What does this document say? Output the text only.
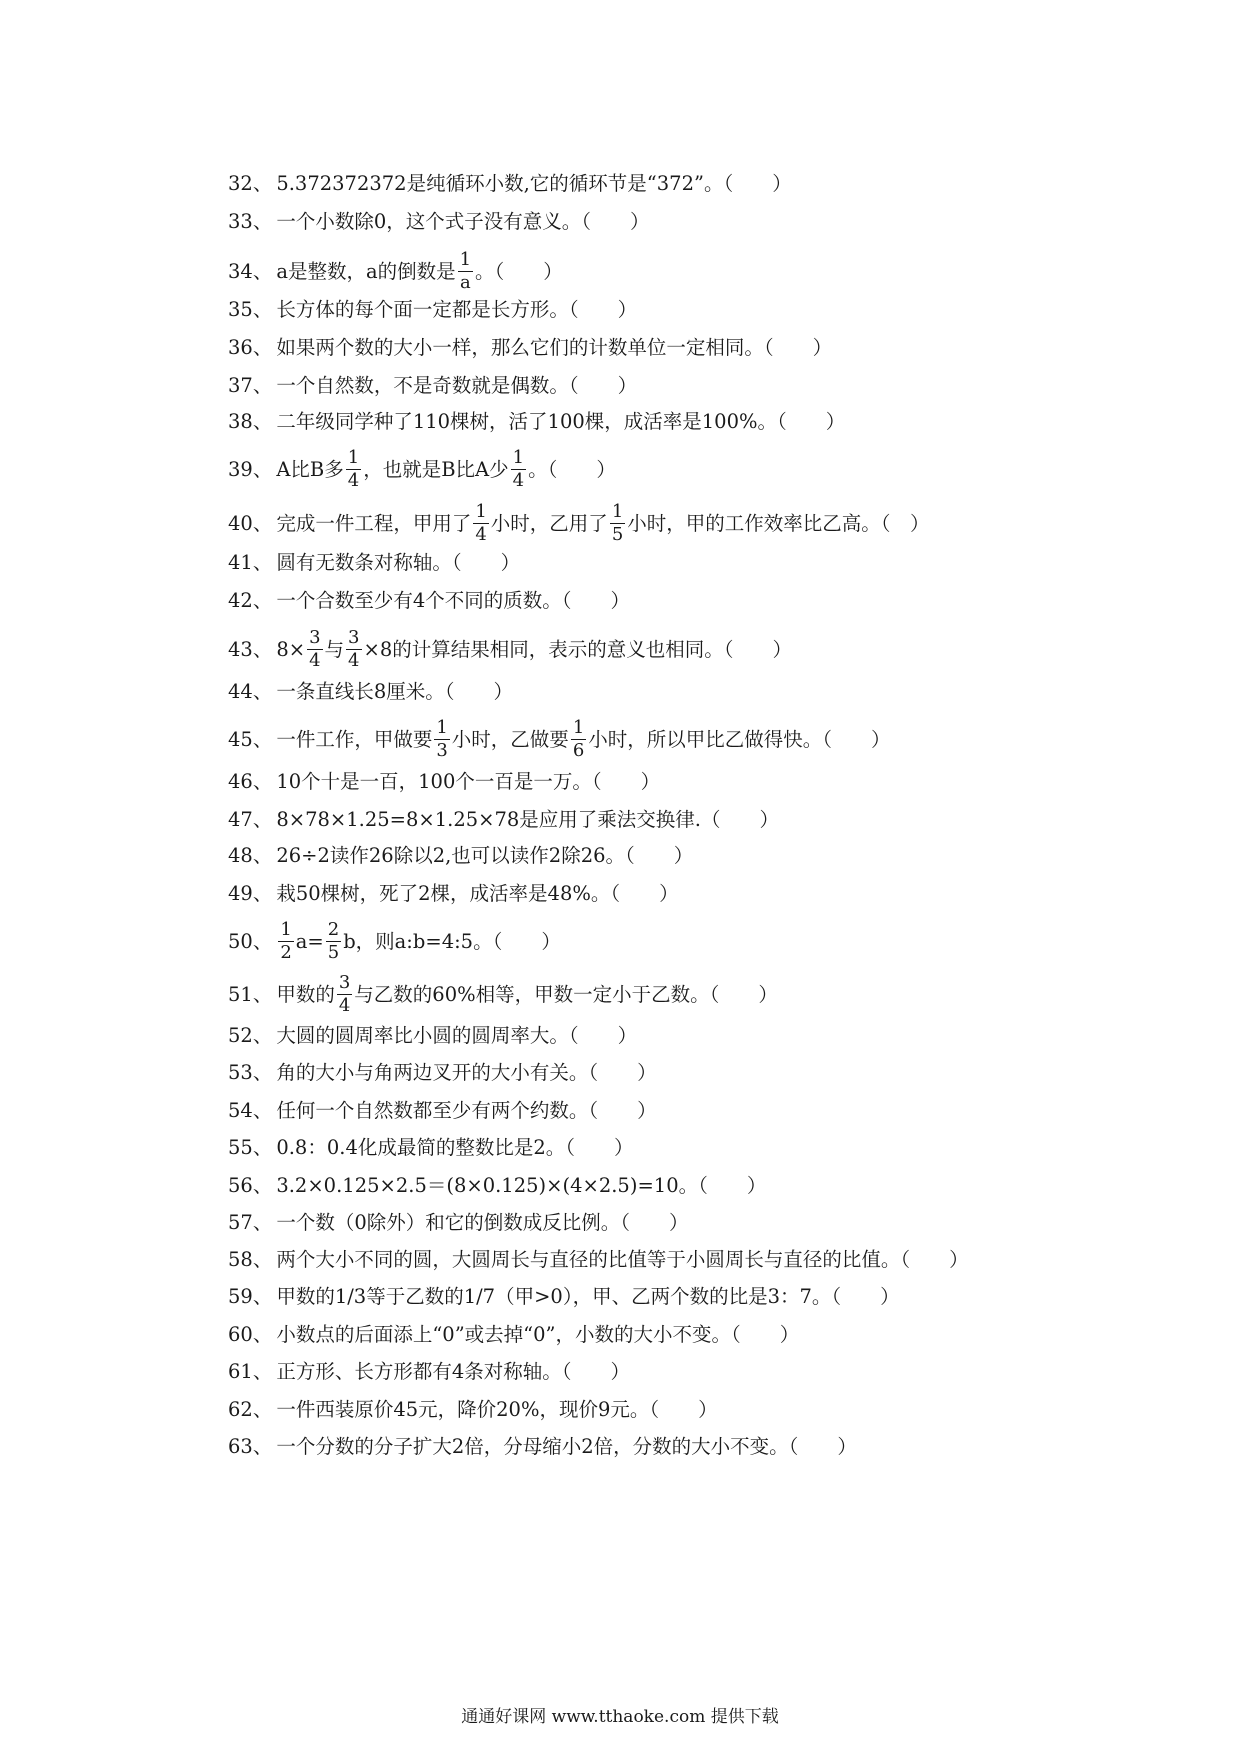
32、 5.372372372是纯循环小数,它的循环节是“372”。（　　）
33、 一个小数除0，这个式子没有意义。（　　）
34、 a是整数，a的倒数是 $\frac{1}{a}$ 。（　　）
35、 长方体的每个面一定都是长方形。（　　）
36、 如果两个数的大小一样，那么它们的计数单位一定相同。（　　）
37、 一个自然数，不是奇数就是偶数。（　　）
38、 二年级同学种了110棵树，活了100棵，成活率是100%。（　　）
39、 A比B多 $\frac{1}{4}$ ，也就是B比A少 $\frac{1}{4}$ 。（　　）
40、 完成一件工程，甲用了 $\frac{1}{4}$ 小时，乙用了 $\frac{1}{5}$ 小时，甲的工作效率比乙高。（　）
41、 圆有无数条对称轴。（　　）
42、 一个合数至少有4个不同的质数。（　　）
43、 $8\times \frac{3}{4}$ 与 $\frac{3}{4} \times 8$的计算结果相同，表示的意义也相同。（　　）
44、 一条直线长8厘米。（　　）
45、 一件工作，甲做要 $\frac{1}{3}$ 小时，乙做要 $\frac{1}{6}$ 小时，所以甲比乙做得快。（　　）
46、 10个十是一百，100个一百是一万。（　　）
47、 8×78×1.25=8×1.25×78是应用了乘法交换律.（　　）
48、 26÷2读作26除以2,也可以读作2除26。（　　）
49、 栽50棵树，死了2棵，成活率是48%。（　　）
50、 $\frac{1}{2} a= \frac{2}{5}$ b，则a:b=4:5。（　　）
51、 甲数的 $\frac{3}{4}$ 与乙数的60%相等，甲数一定小于乙数。（　　）
52、 大圆的圆周率比小圆的圆周率大。（　　）
53、 角的大小与角两边叉开的大小有关。（　　）
54、 任何一个自然数都至少有两个约数。（　　）
55、 0.8：0.4化成最简的整数比是2。（　　）
56、 3.2×0.125×2.5＝(8×0.125)×(4×2.5)=10。（　　）
57、 一个数（0除外）和它的倒数成反比例。（　　）
58、 两个大小不同的圆，大圆周长与直径的比值等于小圆周长与直径的比值。（　　）
59、 甲数的1/3等于乙数的1/7（甲>0），甲、乙两个数的比是3：7。（　　）
60、 小数点的后面添上“0”或去掉“0”，小数的大小不变。（　　）
61、 正方形、长方形都有4条对称轴。（　　）
62、 一件西装原价45元，降价20%，现价9元。（　　）
63、 一个分数的分子扩大2倍，分母缩小2倍，分数的大小不变。（　　）
通通好课网 www.tthaoke.com 提供下载
